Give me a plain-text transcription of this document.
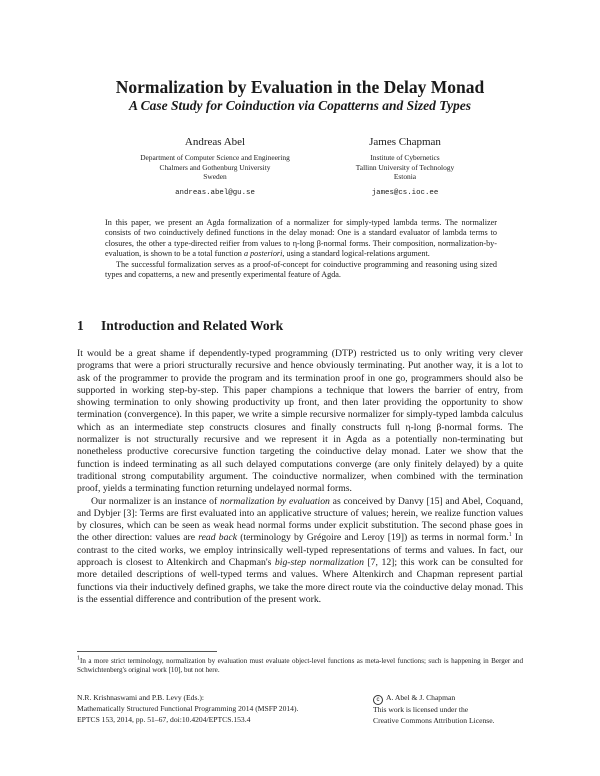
Normalization by Evaluation in the Delay Monad
A Case Study for Coinduction via Copatterns and Sized Types
Andreas Abel
Department of Computer Science and Engineering
Chalmers and Gothenburg University
Sweden
andreas.abel@gu.se
James Chapman
Institute of Cybernetics
Tallinn University of Technology
Estonia
james@cs.ioc.ee

In this paper, we present an Agda formalization of a normalizer for simply-typed lambda terms. The normalizer consists of two coinductively defined functions in the delay monad: One is a standard evaluator of lambda terms to closures, the other a type-directed reifier from values to η-long β-normal forms. Their composition, normalization-by-evaluation, is shown to be a total function a posteriori, using a standard logical-relations argument.

The successful formalization serves as a proof-of-concept for coinductive programming and reasoning using sized types and copatterns, a new and presently experimental feature of Agda.

1 Introduction and Related Work

It would be a great shame if dependently-typed programming (DTP) restricted us to only writing very clever programs that were a priori structurally recursive and hence obviously terminating. Put another way, it is a lot to ask of the programmer to provide the program and its termination proof in one go, programmers should also be supported in working step-by-step. This paper champions a technique that lowers the barrier of entry, from showing termination to only showing productivity up front, and then later providing the opportunity to show termination (convergence). In this paper, we write a simple recursive normalizer for simply-typed lambda calculus which as an intermediate step constructs closures and finally constructs full η-long β-normal forms. The normalizer is not structurally recursive and we represent it in Agda as a potentially non-terminating but nonetheless productive corecursive function targeting the coinductive delay monad. Later we show that the function is indeed terminating as all such delayed computations converge (are only finitely delayed) by a quite traditional strong computability argument. The coinductive normalizer, when combined with the termination proof, yields a terminating function returning undelayed normal forms.

Our normalizer is an instance of normalization by evaluation as conceived by Danvy [15] and Abel, Coquand, and Dybjer [3]: Terms are first evaluated into an applicative structure of values; herein, we realize function values by closures, which can be seen as weak head normal forms under explicit substitution. The second phase goes in the other direction: values are read back (terminology by Grégoire and Leroy [19]) as terms in normal form.$^1$ In contrast to the cited works, we employ intrinsically well-typed representations of terms and values. In fact, our approach is closest to Altenkirch and Chapman's big-step normalization [7, 12]; this work can be consulted for more detailed descriptions of well-typed terms and values. Where Altenkirch and Chapman represent partial functions via their inductively defined graphs, we take the more direct route via the coinductive delay monad. This is the essential difference and contribution of the present work.

$^1$In a more strict terminology, normalization by evaluation must evaluate object-level functions as meta-level functions; such is happening in Berger and Schwichtenberg's original work [10], but not here.
N.R. Krishnaswami and P.B. Levy (Eds.):
Mathematically Structured Functional Programming 2014 (MSFP 2014).
EPTCS 153, 2014, pp. 51–67, doi:10.4204/EPTCS.153.4
c A. Abel & J. Chapman
This work is licensed under the
Creative Commons Attribution License.
